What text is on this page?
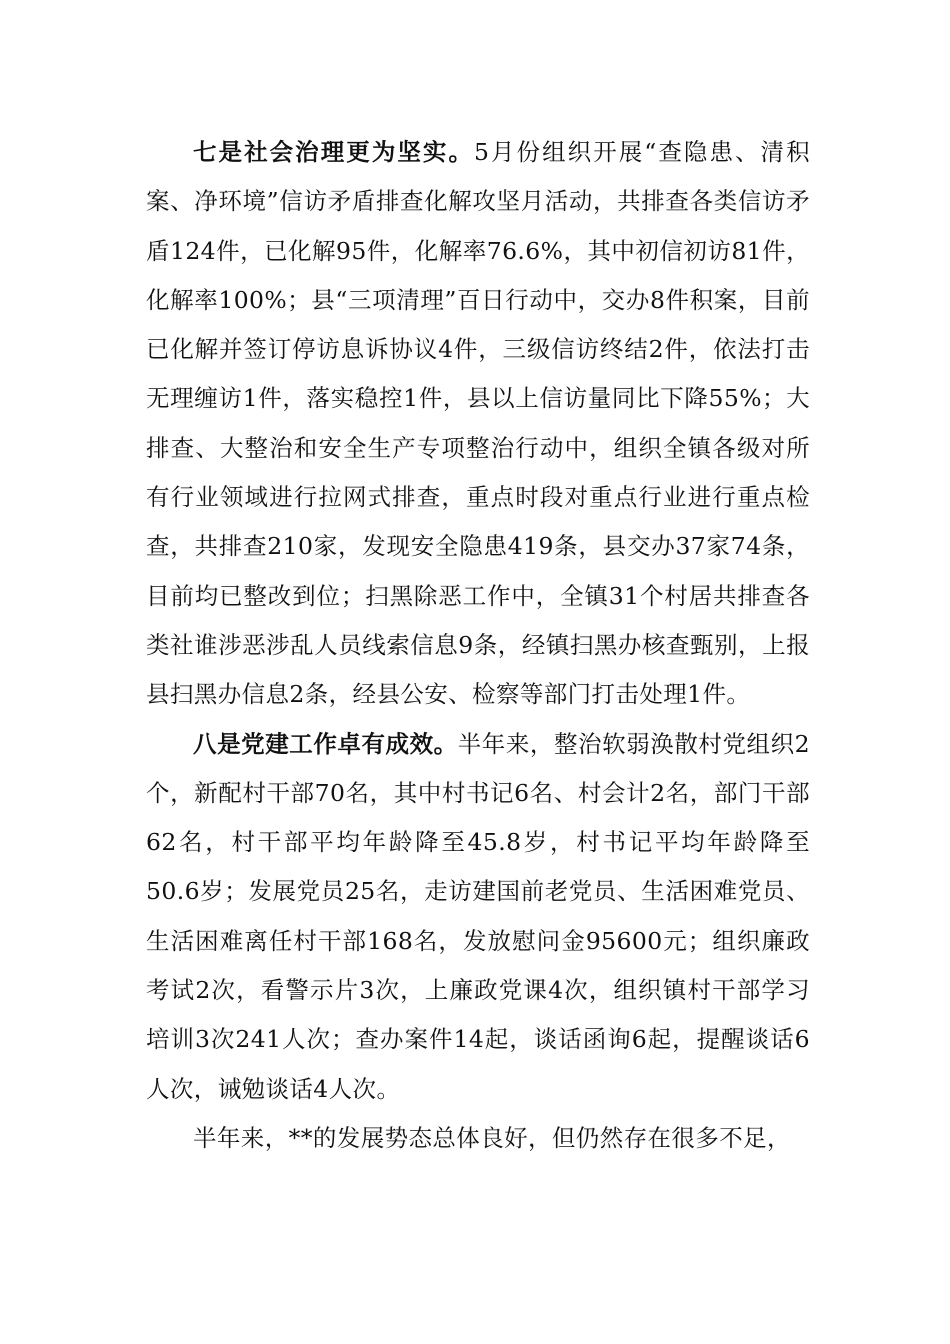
七是社会治理更为坚实。5月份组织开展“查隐患、清积案、净环境”信访矛盾排查化解攻坚月活动，共排查各类信访矛盾124件，已化解95件，化解率76.6%，其中初信初访81件，化解率100%；县“三项清理”百日行动中，交办8件积案，目前已化解并签订停访息诉协议4件，三级信访终结2件，依法打击无理缠访1件，落实稳控1件，县以上信访量同比下降55%；大排查、大整治和安全生产专项整治行动中，组织全镇各级对所有行业领域进行拉网式排查，重点时段对重点行业进行重点检查，共排查210家，发现安全隐患419条，县交办37家74条，目前均已整改到位；扫黑除恶工作中，全镇31个村居共排查各类社谁涉恶涉乱人员线索信息9条，经镇扫黑办核查甄别，上报县扫黑办信息2条，经县公安、检察等部门打击处理1件。

八是党建工作卓有成效。半年来，整治软弱涣散村党组织2个，新配村干部70名，其中村书记6名、村会计2名，部门干部62名，村干部平均年龄降至45.8岁，村书记平均年龄降至50.6岁；发展党员25名，走访建国前老党员、生活困难党员、生活困难离任村干部168名，发放慰问金95600元；组织廉政考试2次，看警示片3次，上廉政党课4次，组织镇村干部学习培训3次241人次；查办案件14起，谈话函询6起，提醒谈话6人次，诫勉谈话4人次。

半年来，**的发展势态总体良好，但仍然存在很多不足，
